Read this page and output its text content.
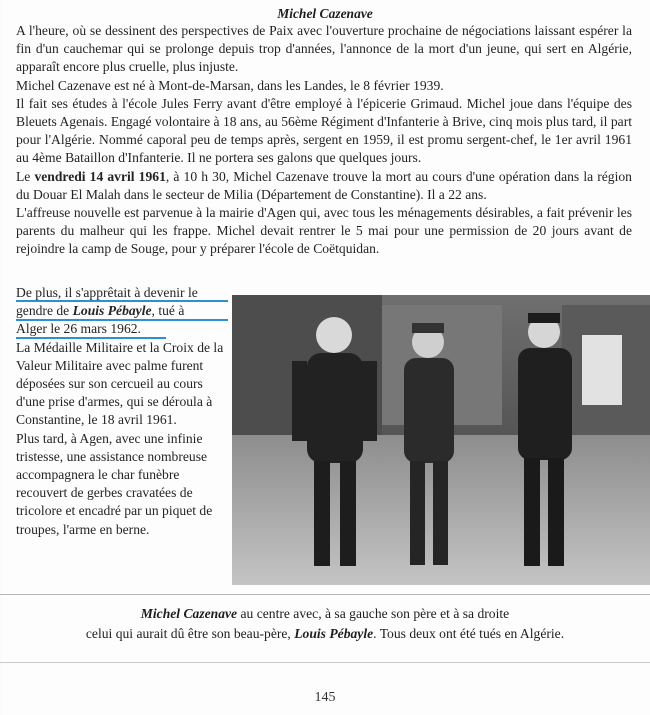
Michel Cazenave

A l'heure, où se dessinent des perspectives de Paix avec l'ouverture prochaine de négociations laissant espérer la fin d'un cauchemar qui se prolonge depuis trop d'années, l'annonce de la mort d'un jeune, qui sert en Algérie, apparaît encore plus cruelle, plus injuste.

Michel Cazenave est né à Mont-de-Marsan, dans les Landes, le 8 février 1939.

Il fait ses études à l'école Jules Ferry avant d'être employé à l'épicerie Grimaud. Michel joue dans l'équipe des Bleuets Agenais. Engagé volontaire à 18 ans, au 56ème Régiment d'Infanterie à Brive, cinq mois plus tard, il part pour l'Algérie. Nommé caporal peu de temps après, sergent en 1959, il est promu sergent-chef, le 1er avril 1961 au 4ème Bataillon d'Infanterie. Il ne portera ses galons que quelques jours.

Le vendredi 14 avril 1961, à 10 h 30, Michel Cazenave trouve la mort au cours d'une opération dans la région du Douar El Malah dans le secteur de Milia (Département de Constantine). Il a 22 ans.

L'affreuse nouvelle est parvenue à la mairie d'Agen qui, avec tous les ménagements désirables, a fait prévenir les parents du malheur qui les frappe. Michel devait rentrer le 5 mai pour une permission de 20 jours avant de rejoindre la camp de Souge, pour y préparer l'école de Coëtquidan.

De plus, il s'apprêtait à devenir le

gendre de Louis Pébayle, tué à

Alger le 26 mars 1962.

La Médaille Militaire et la Croix de la Valeur Militaire avec palme furent déposées sur son cercueil au cours d'une prise d'armes, qui se déroula à Constantine, le 18 avril 1961.

Plus tard, à Agen, avec une infinie tristesse, une assistance nombreuse accompagnera le char funèbre recouvert de gerbes cravatées de tricolore et encadré par un piquet de troupes, l'arme en berne.

Michel Cazenave au centre avec, à sa gauche son père et à sa droite
celui qui aurait dû être son beau-père, Louis Pébayle. Tous deux ont été tués en Algérie.
145
